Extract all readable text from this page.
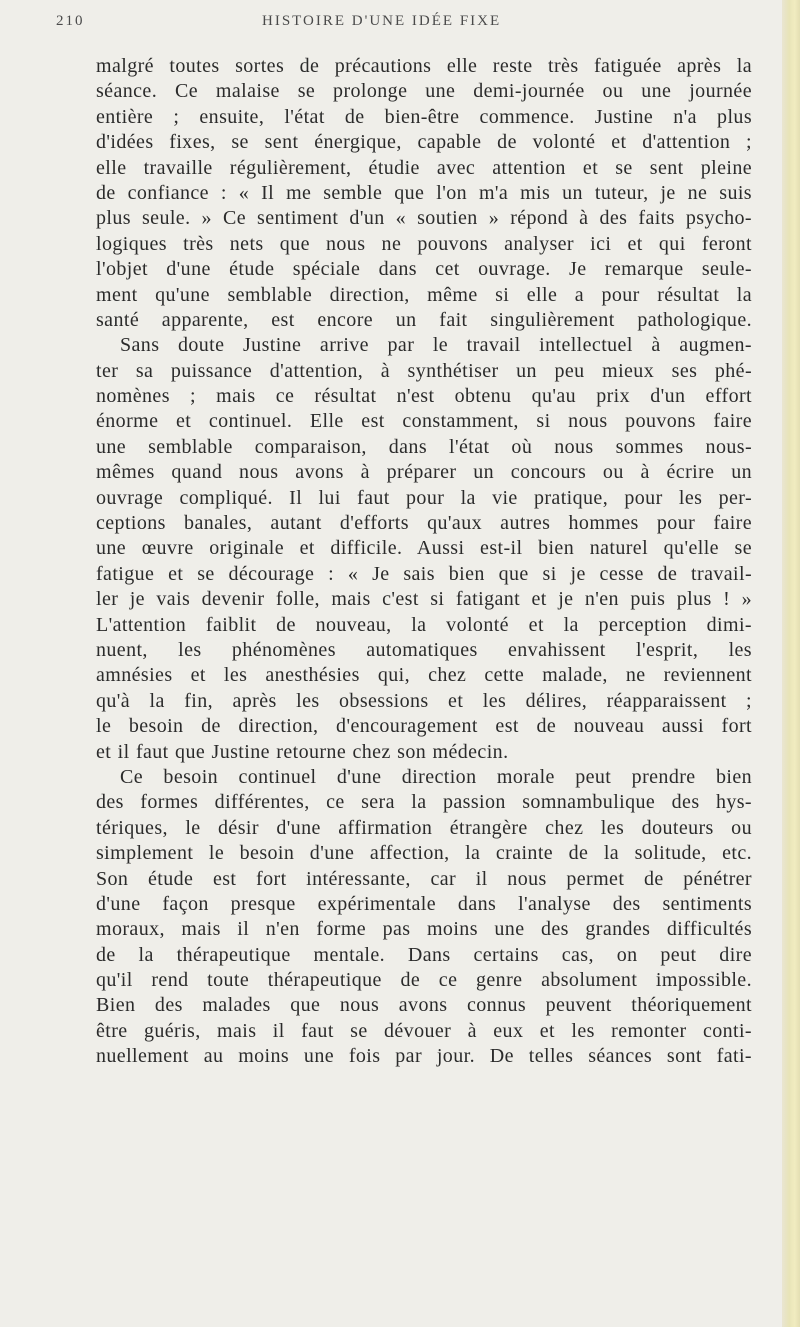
210	HISTOIRE D'UNE IDÉE FIXE
malgré toutes sortes de précautions elle reste très fatiguée après la
séance. Ce malaise se prolonge une demi-journée ou une journée
entière ; ensuite, l'état de bien-être commence. Justine n'a plus
d'idées fixes, se sent énergique, capable de volonté et d'attention ;
elle travaille régulièrement, étudie avec attention et se sent pleine
de confiance : « Il me semble que l'on m'a mis un tuteur, je ne suis
plus seule. » Ce sentiment d'un « soutien » répond à des faits psycho-
logiques très nets que nous ne pouvons analyser ici et qui feront
l'objet d'une étude spéciale dans cet ouvrage. Je remarque seule-
ment qu'une semblable direction, même si elle a pour résultat la
santé apparente, est encore un fait singulièrement pathologique.
Sans doute Justine arrive par le travail intellectuel à augmen-
ter sa puissance d'attention, à synthétiser un peu mieux ses phé-
nomènes ; mais ce résultat n'est obtenu qu'au prix d'un effort
énorme et continuel. Elle est constamment, si nous pouvons faire
une semblable comparaison, dans l'état où nous sommes nous-
mêmes quand nous avons à préparer un concours ou à écrire un
ouvrage compliqué. Il lui faut pour la vie pratique, pour les per-
ceptions banales, autant d'efforts qu'aux autres hommes pour faire
une œuvre originale et difficile. Aussi est-il bien naturel qu'elle se
fatigue et se décourage : « Je sais bien que si je cesse de travail-
ler je vais devenir folle, mais c'est si fatigant et je n'en puis plus ! »
L'attention faiblit de nouveau, la volonté et la perception dimi-
nuent, les phénomènes automatiques envahissent l'esprit, les
amnésies et les anesthésies qui, chez cette malade, ne reviennent
qu'à la fin, après les obsessions et les délires, réapparaissent ;
le besoin de direction, d'encouragement est de nouveau aussi fort
et il faut que Justine retourne chez son médecin.
Ce besoin continuel d'une direction morale peut prendre bien
des formes différentes, ce sera la passion somnambulique des hys-
tériques, le désir d'une affirmation étrangère chez les douteurs ou
simplement le besoin d'une affection, la crainte de la solitude, etc.
Son étude est fort intéressante, car il nous permet de pénétrer
d'une façon presque expérimentale dans l'analyse des sentiments
moraux, mais il n'en forme pas moins une des grandes difficultés
de la thérapeutique mentale. Dans certains cas, on peut dire
qu'il rend toute thérapeutique de ce genre absolument impossible.
Bien des malades que nous avons connus peuvent théoriquement
être guéris, mais il faut se dévouer à eux et les remonter conti-
nuellement au moins une fois par jour. De telles séances sont fati-
